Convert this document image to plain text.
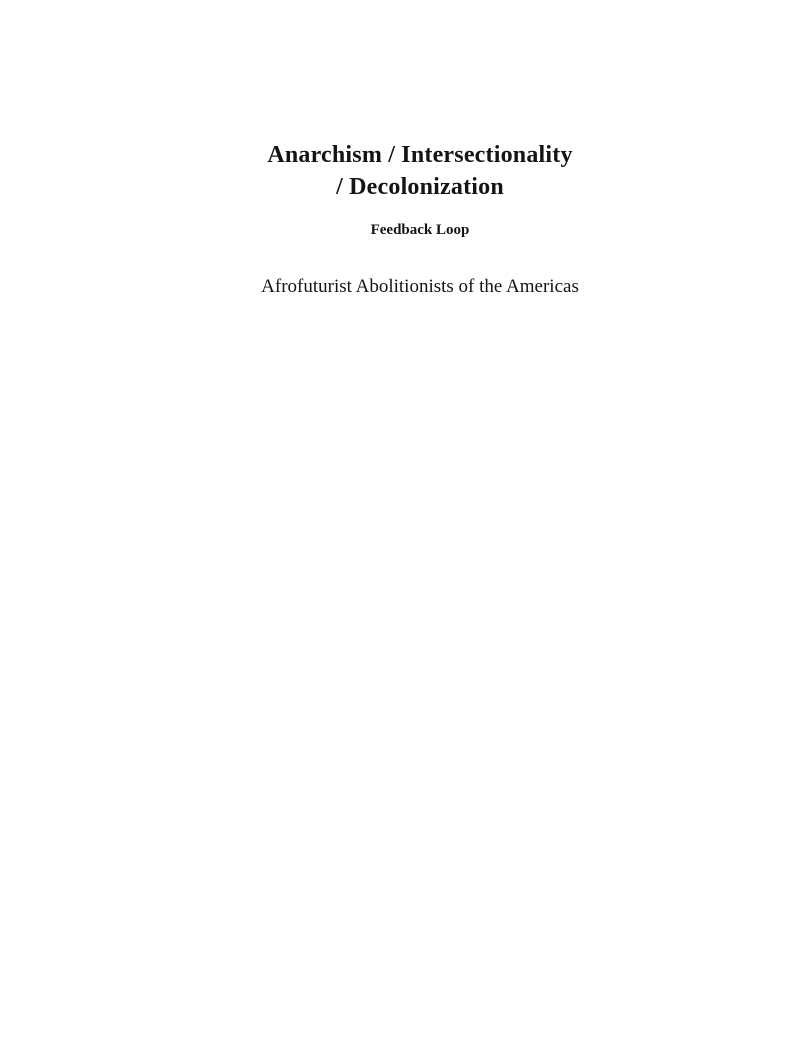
Anarchism / Intersectionality
/ Decolonization
Feedback Loop

Afrofuturist Abolitionists of the Americas
